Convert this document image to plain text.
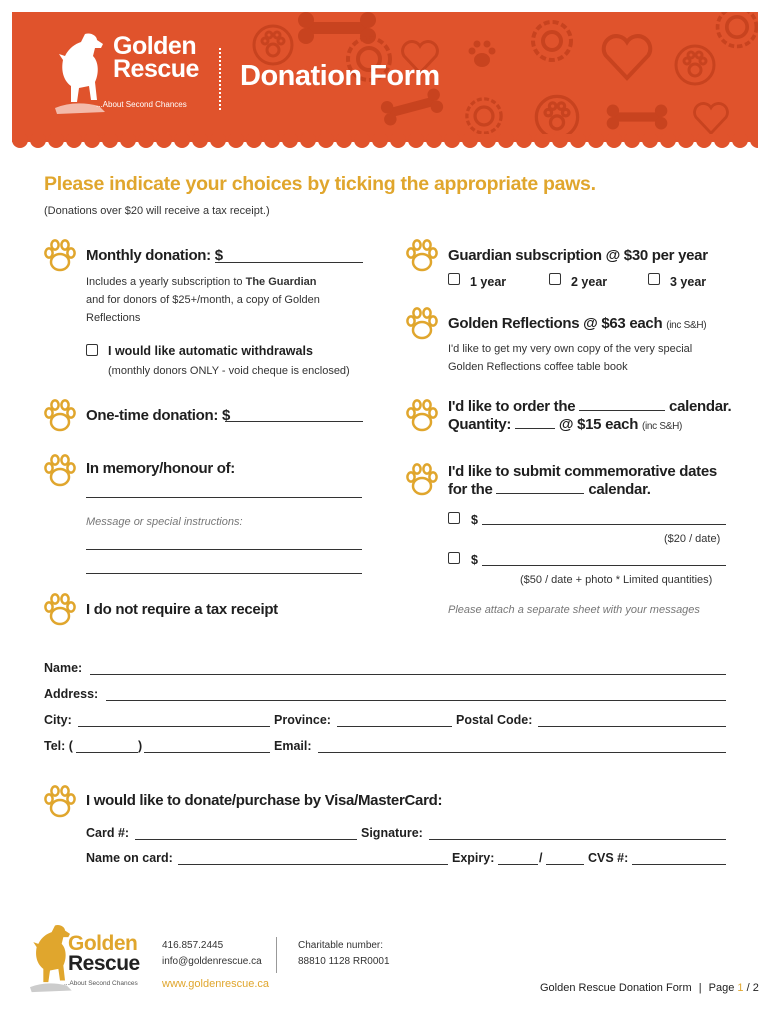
Golden
Rescue
...About Second Chances
Donation Form
Please indicate your choices by ticking the appropriate paws.
(Donations over $20 will receive a tax receipt.)
Monthly donation: $
Includes a yearly subscription to The Guardian
and for donors of $25+/month, a copy of Golden
Reflections
I would like automatic withdrawals
(monthly donors ONLY - void cheque is enclosed)
One-time donation: $
In memory/honour of:
Message or special instructions:
I do not require a tax receipt
Guardian subscription @ $30 per year
1 year	2 year	3 year
Golden Reflections @ $63 each (inc S&H)
I'd like to get my very own copy of the very special
Golden Reflections coffee table book
I'd like to order the	calendar.
Quantity:	@ $15 each (inc S&H)
I'd like to submit commemorative dates
for the	calendar.
$
($20 / date)
$
($50 / date + photo * Limited quantities)
Please attach a separate sheet with your messages
Name:
Address:
City:	Province:	Postal Code:
Tel: (	)	Email:
I would like to donate/purchase by Visa/MasterCard:
Card #:	Signature:
Name on card:	Expiry:	/	CVS #:
Golden
Rescue
...About Second Chances
416.857.2445
info@goldenrescue.ca
www.goldenrescue.ca
Charitable number:
88810 1128 RR0001
Golden Rescue Donation Form | Page 1 / 2
